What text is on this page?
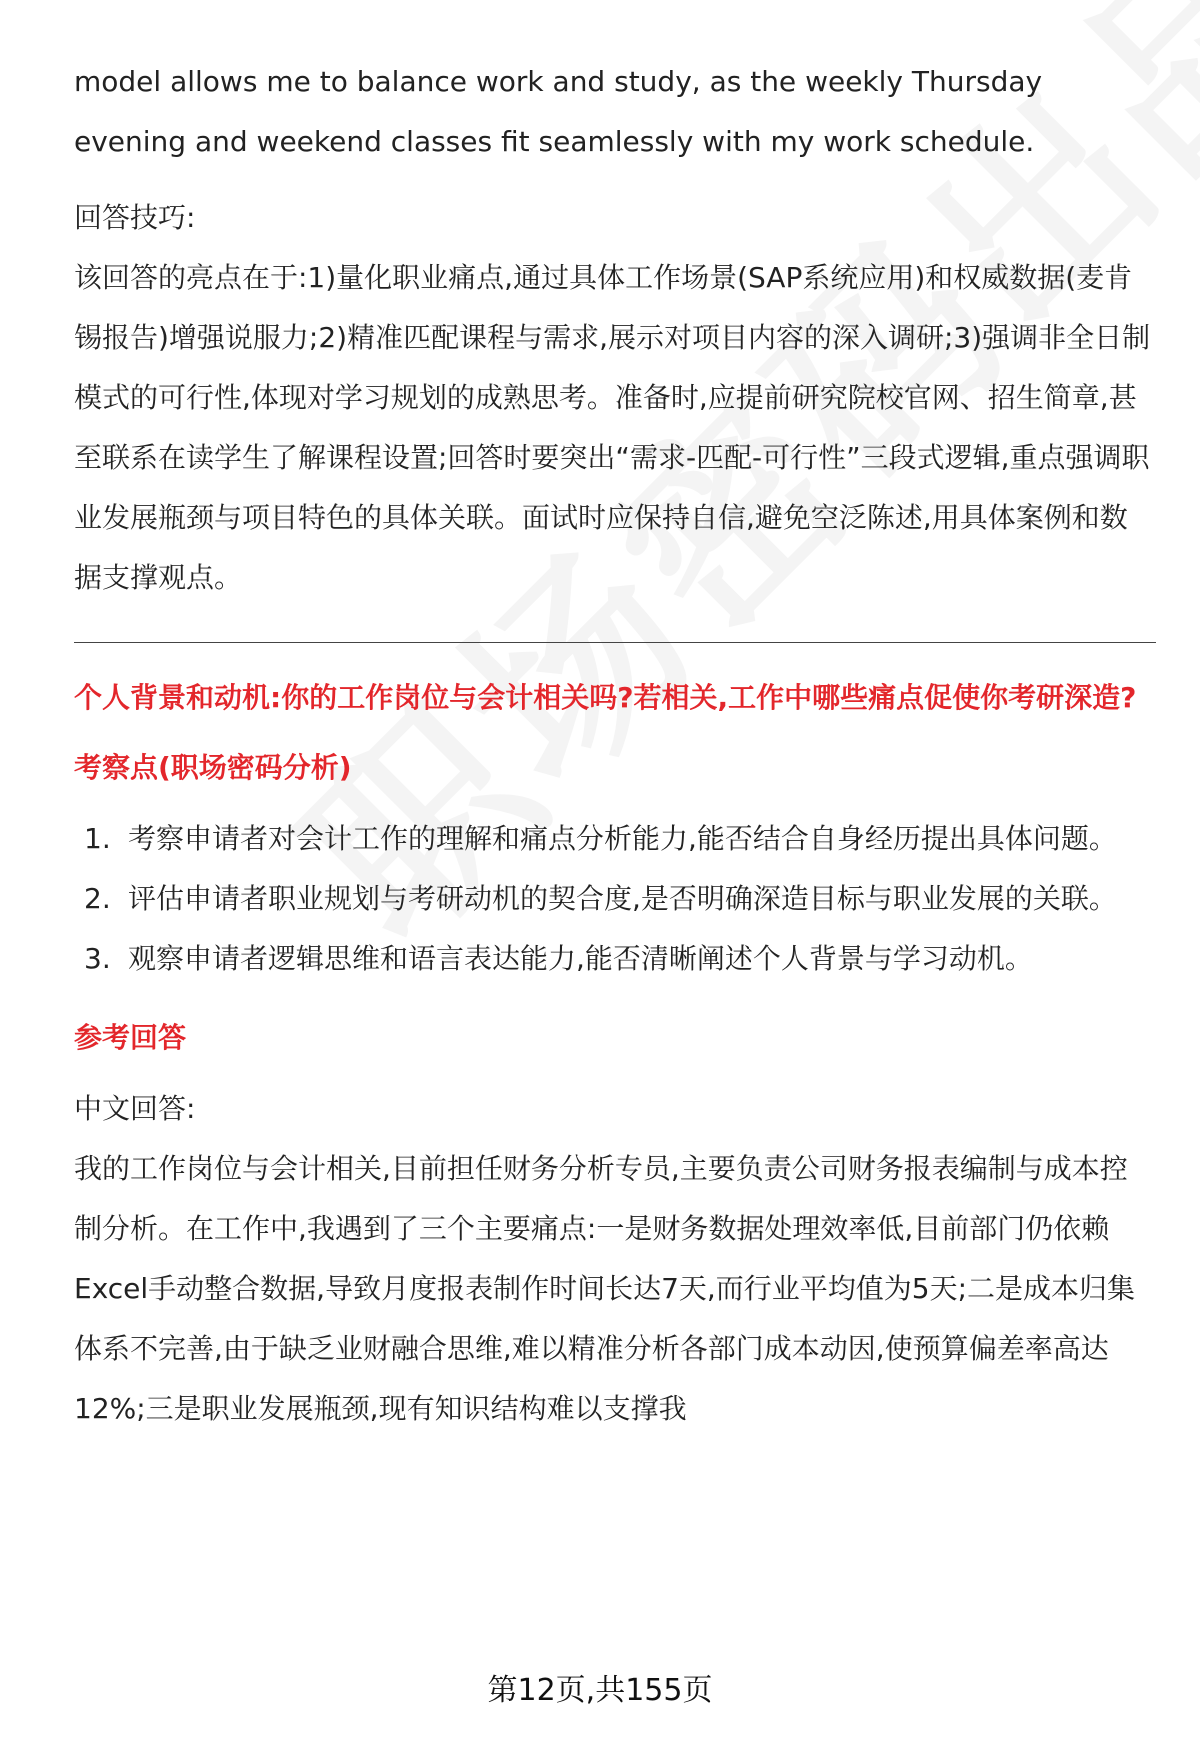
model allows me to balance work and study, as the weekly Thursday evening and weekend classes fit seamlessly with my work schedule.

回答技巧:

该回答的亮点在于:1)量化职业痛点,通过具体工作场景(SAP系统应用)和权威数据(麦肯锡报告)增强说服力;2)精准匹配课程与需求,展示对项目内容的深入调研;3)强调非全日制模式的可行性,体现对学习规划的成熟思考。准备时,应提前研究院校官网、招生简章,甚至联系在读学生了解课程设置;回答时要突出“需求-匹配-可行性”三段式逻辑,重点强调职业发展瓶颈与项目特色的具体关联。面试时应保持自信,避免空泛陈述,用具体案例和数据支撑观点。

个人背景和动机:你的工作岗位与会计相关吗?若相关,工作中哪些痛点促使你考研深造?

考察点(职场密码分析)

1. 考察申请者对会计工作的理解和痛点分析能力,能否结合自身经历提出具体问题。
2. 评估申请者职业规划与考研动机的契合度,是否明确深造目标与职业发展的关联。
3. 观察申请者逻辑思维和语言表达能力,能否清晰阐述个人背景与学习动机。

参考回答

中文回答:

我的工作岗位与会计相关,目前担任财务分析专员,主要负责公司财务报表编制与成本控制分析。在工作中,我遇到了三个主要痛点:一是财务数据处理效率低,目前部门仍依赖Excel手动整合数据,导致月度报表制作时间长达7天,而行业平均值为5天;二是成本归集体系不完善,由于缺乏业财融合思维,难以精准分析各部门成本动因,使预算偏差率高达12%;三是职业发展瓶颈,现有知识结构难以支撑我

第12页,共155页
